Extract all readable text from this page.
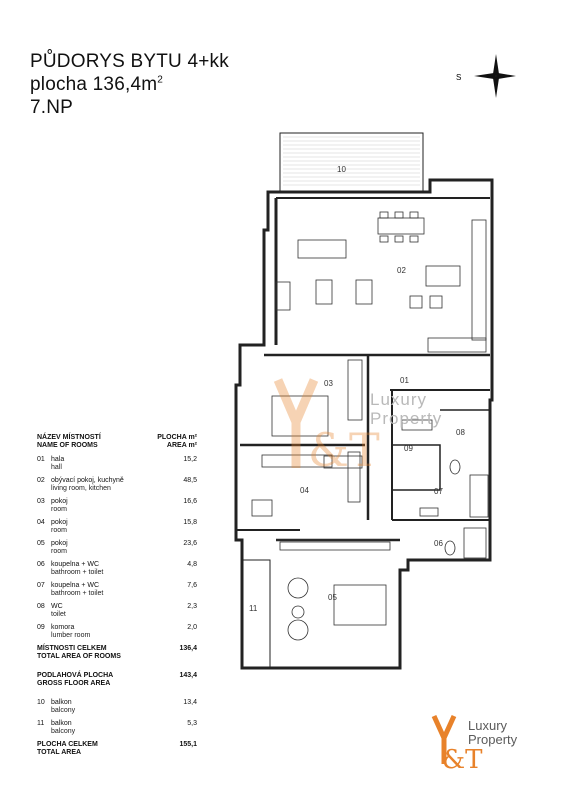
PŮDORYS BYTU 4+kk
plocha $136,4m^2$
7.NP
S
10
02
03	01
08
09
04	07
06
05
11
&T
Luxury
Property
NÁZEV MÍSTNOSTÍ
NAME OF ROOMS
PLOCHA m²
AREA m²
01 hala
hall
15,2
02 obývací pokoj, kuchyně
living room, kitchen
48,5
03 pokoj
room
16,6
04 pokoj
room
15,8
05 pokoj
room
23,6
06 koupelna + WC
bathroom + toilet
4,8
07 koupelna + WC
bathroom + toilet
7,6
08 WC
toilet
2,3
09 komora
lumber room
2,0
MÍSTNOSTI CELKEM
TOTAL AREA OF ROOMS
136,4
PODLAHOVÁ PLOCHA
GROSS FLOOR AREA
143,4
10 balkon
balcony
13,4
11 balkon
balcony
5,3
PLOCHA CELKEM
TOTAL AREA
155,1
&T
Luxury
Property
